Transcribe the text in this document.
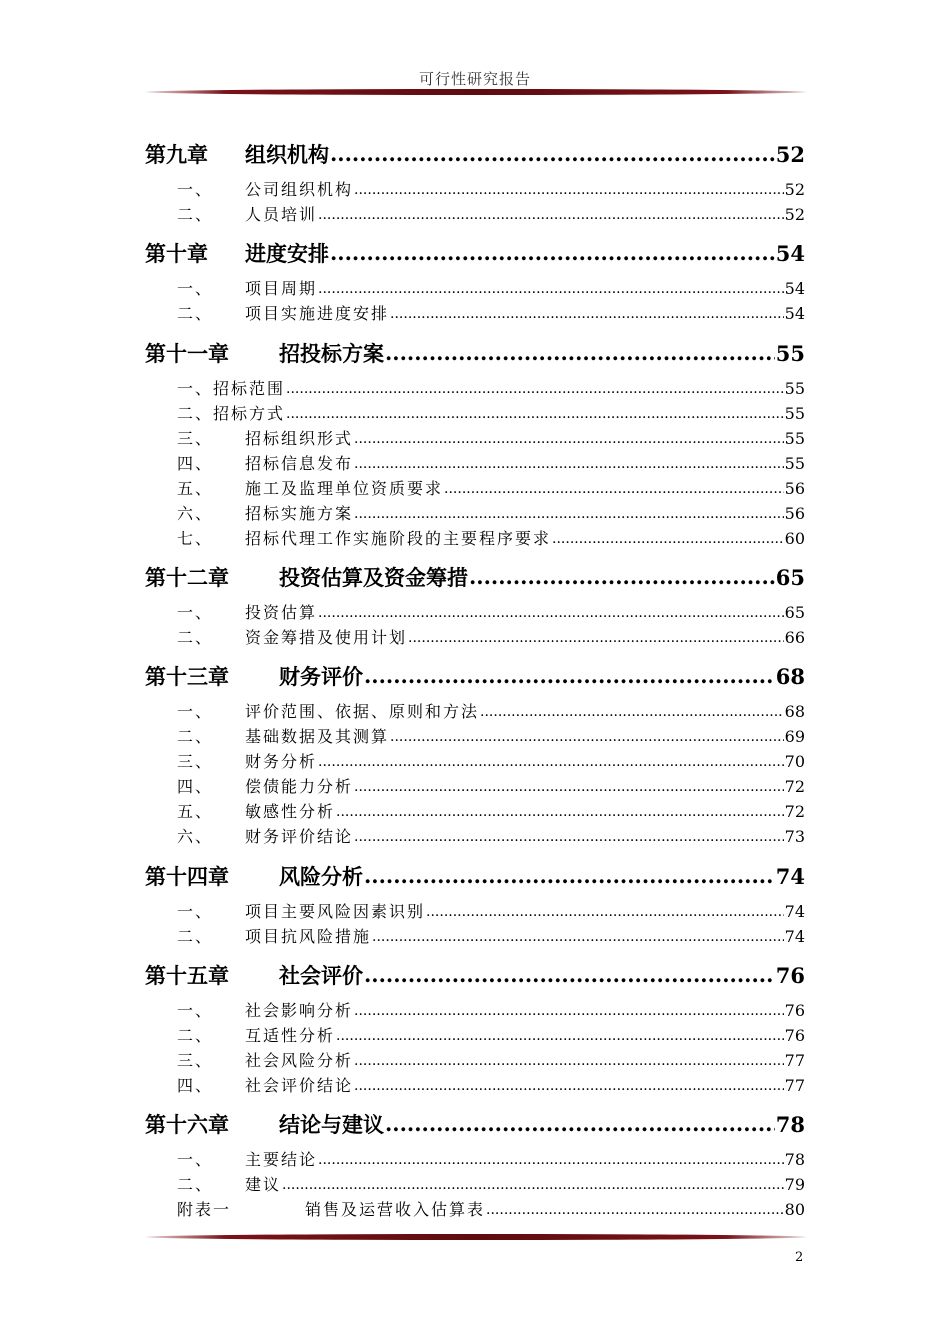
可行性研究报告
第九章	组织机构 .....	52
一、	公司组织机构 .....	52
二、	人员培训 .....	52
第十章	进度安排 .....	54
一、	项目周期 .....	54
二、	项目实施进度安排 .....	54
第十一章	招投标方案 .....	55
一、 招标范围 .....	55
二、 招标方式 .....	55
三、	招标组织形式 .....	55
四、	招标信息发布 .....	55
五、	施工及监理单位资质要求 .....	56
六、	招标实施方案 .....	56
七、	招标代理工作实施阶段的主要程序要求 .....	60
第十二章	投资估算及资金筹措 .....	65
一、	投资估算 .....	65
二、	资金筹措及使用计划 .....	66
第十三章	财务评价 .....	68
一、	评价范围、依据、原则和方法 .....	68
二、	基础数据及其测算 .....	69
三、	财务分析 .....	70
四、	偿债能力分析 .....	72
五、	敏感性分析 .....	72
六、	财务评价结论 .....	73
第十四章	风险分析 .....	74
一、	项目主要风险因素识别 .....	74
二、	项目抗风险措施 .....	74
第十五章	社会评价 .....	76
一、	社会影响分析 .....	76
二、	互适性分析 .....	76
三、	社会风险分析 .....	77
四、	社会评价结论 .....	77
第十六章	结论与建议 .....	78
一、	主要结论 .....	78
二、	建议 .....	79
附表一	销售及运营收入估算表 .....	80
2
